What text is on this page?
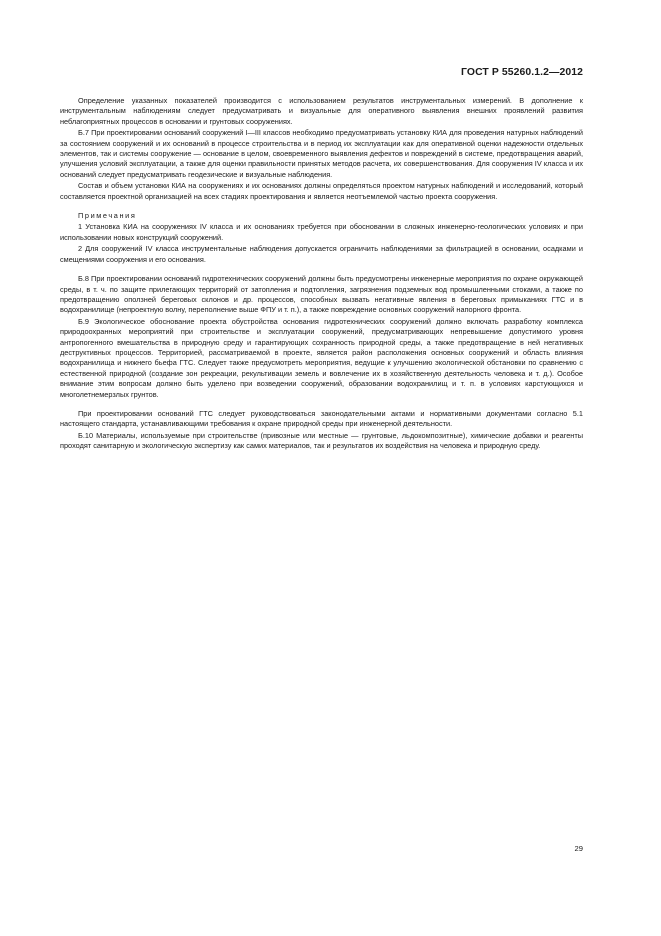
ГОСТ Р 55260.1.2—2012

Определение указанных показателей производится с использованием результатов инструментальных измерений. В дополнение к инструментальным наблюдениям следует предусматривать и визуальные для оперативного выявления внешних проявлений развития неблагоприятных процессов в основании и грунтовых сооружениях.

Б.7 При проектировании оснований сооружений I—III классов необходимо предусматривать установку КИА для проведения натурных наблюдений за состоянием сооружений и их оснований в процессе строительства и в период их эксплуатации как для оперативной оценки надежности отдельных элементов, так и системы сооружение — основание в целом, своевременного выявления дефектов и повреждений в системе, предотвращения аварий, улучшения условий эксплуатации, а также для оценки правильности принятых методов расчета, их совершенствования. Для сооружения IV класса и их оснований следует предусматривать геодезические и визуальные наблюдения.

Состав и объем установки КИА на сооружениях и их основаниях должны определяться проектом натурных наблюдений и исследований, который составляется проектной организацией на всех стадиях проектирования и является неотъемлемой частью проекта сооружения.

Примечания

1 Установка КИА на сооружениях IV класса и их основаниях требуется при обосновании в сложных инженерно-геологических условиях и при использовании новых конструкций сооружений.

2 Для сооружений IV класса инструментальные наблюдения допускается ограничить наблюдениями за фильтрацией в основании, осадками и смещениями сооружения и его основания.

Б.8 При проектировании оснований гидротехнических сооружений должны быть предусмотрены инженерные мероприятия по охране окружающей среды, в т. ч. по защите прилегающих территорий от затопления и подтопления, загрязнения подземных вод промышленными стоками, а также по предотвращению оползней береговых склонов и др. процессов, способных вызвать негативные явления в береговых примыканиях ГТС и в водохранилище (непроектную волну, переполнение выше ФПУ и т. п.), а также повреждение основных сооружений напорного фронта.

Б.9 Экологическое обоснование проекта обустройства основания гидротехнических сооружений должно включать разработку комплекса природоохранных мероприятий при строительстве и эксплуатации сооружений, предусматривающих непревышение допустимого уровня антропогенного вмешательства в природную среду и гарантирующих сохранность природной среды, а также предотвращение в ней негативных деструктивных процессов. Территорией, рассматриваемой в проекте, является район расположения основных сооружений и область влияния водохранилища и нижнего бьефа ГТС. Следует также предусмотреть мероприятия, ведущие к улучшению экологической обстановки по сравнению с естественной природной (создание зон рекреации, рекультивации земель и вовлечение их в хозяйственную деятельность человека и т. д.). Особое внимание этим вопросам должно быть уделено при возведении сооружений, образовании водохранилищ и т. п. в условиях карстующихся и многолетнемерзлых грунтов.

При проектировании оснований ГТС следует руководствоваться законодательными актами и нормативными документами согласно 5.1 настоящего стандарта, устанавливающими требования к охране природной среды при инженерной деятельности.

Б.10 Материалы, используемые при строительстве (привозные или местные — грунтовые, льдокомпозитные), химические добавки и реагенты проходят санитарную и экологическую экспертизу как самих материалов, так и результатов их воздействия на человека и природную среду.

29
